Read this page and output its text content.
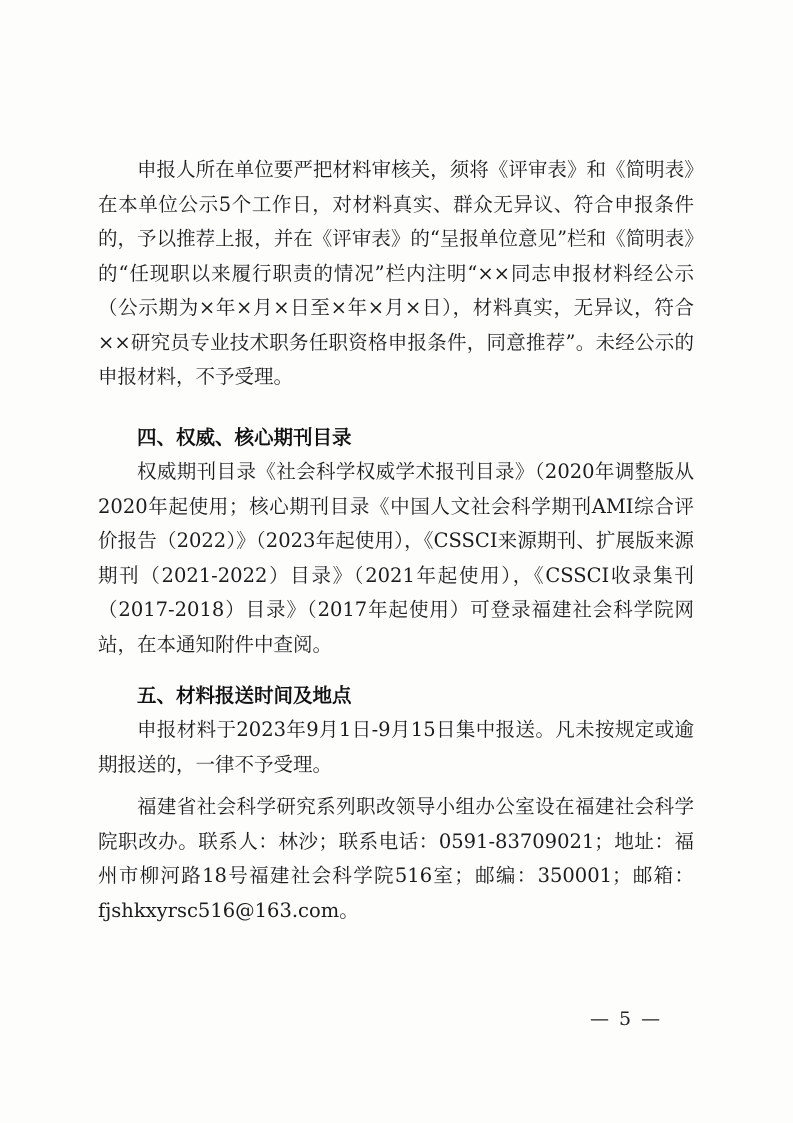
申报人所在单位要严把材料审核关，须将《评审表》和《简明表》在本单位公示5个工作日，对材料真实、群众无异议、符合申报条件的，予以推荐上报，并在《评审表》的“呈报单位意见”栏和《简明表》的“任现职以来履行职责的情况”栏内注明“××同志申报材料经公示（公示期为×年×月×日至×年×月×日），材料真实，无异议，符合××研究员专业技术职务任职资格申报条件，同意推荐”。未经公示的申报材料，不予受理。

四、权威、核心期刊目录

权威期刊目录《社会科学权威学术报刊目录》（2020年调整版从2020年起使用；核心期刊目录《中国人文社会科学期刊AMI综合评价报告（2022）》（2023年起使用），《CSSCI来源期刊、扩展版来源期刊（2021-2022）目录》（2021年起使用），《CSSCI收录集刊（2017-2018）目录》（2017年起使用）可登录福建社会科学院网站，在本通知附件中查阅。

五、材料报送时间及地点

申报材料于2023年9月1日-9月15日集中报送。凡未按规定或逾期报送的，一律不予受理。

福建省社会科学研究系列职改领导小组办公室设在福建社会科学院职改办。联系人：林沙；联系电话：0591-83709021；地址：福州市柳河路18号福建社会科学院516室；邮编：350001；邮箱：fjshkxyrsc516@163.com。

— 5 —
